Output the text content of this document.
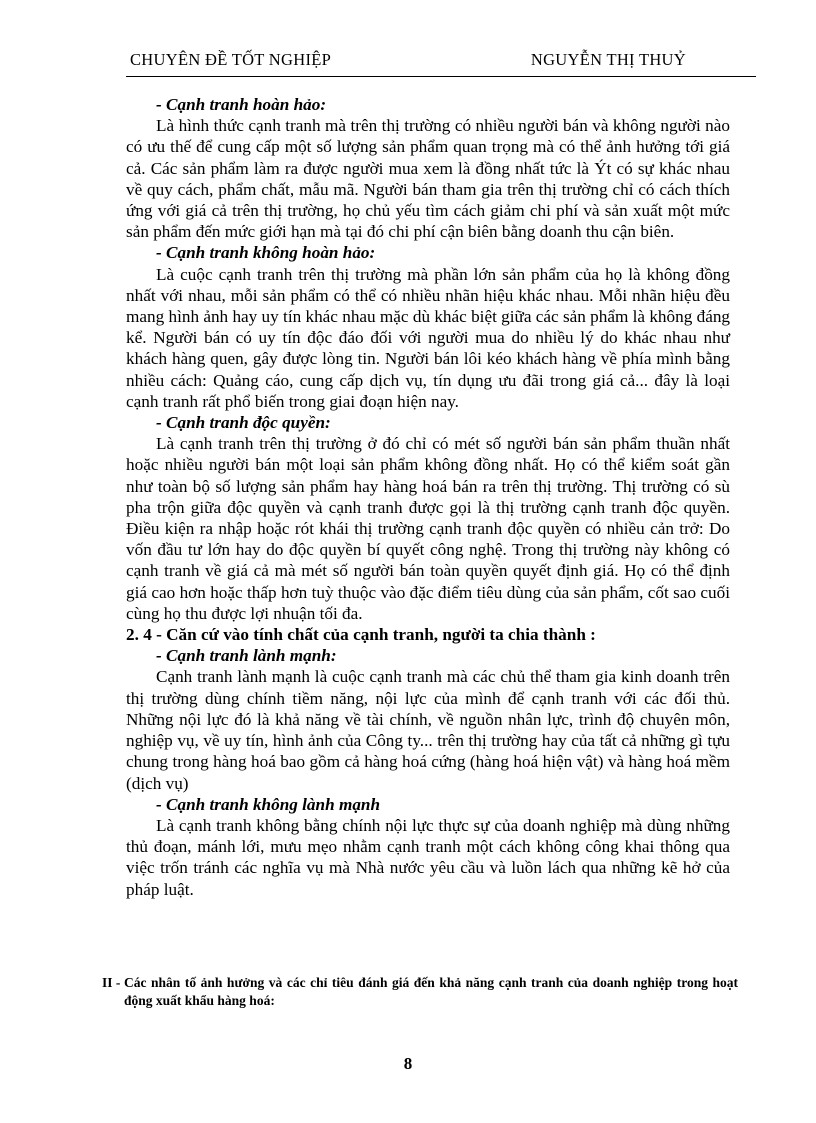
CHUYÊN ĐỀ TỐT NGHIỆP	NGUYỄN THỊ THUỶ

- Cạnh tranh hoàn hảo:

Là hình thức cạnh tranh mà trên thị trường có nhiều người bán và không người nào có ưu thế để cung cấp một số lượng sản phẩm quan trọng mà có thể ảnh hưởng tới giá cả. Các sản phẩm làm ra được người mua xem là đồng nhất tức là Ýt có sự khác nhau về quy cách, phẩm chất, mẫu mã. Người bán tham gia trên thị trường chỉ có cách thích ứng với giá cả trên thị trường, họ chủ yếu tìm cách giảm chi phí và sản xuất một mức sản phẩm đến mức giới hạn mà tại đó chi phí cận biên bằng doanh thu cận biên.

- Cạnh tranh không hoàn hảo:

Là cuộc cạnh tranh trên thị trường mà phần lớn sản phẩm của họ là không đồng nhất với nhau, mỗi sản phẩm có thể có nhiều nhãn hiệu khác nhau. Mỗi nhãn hiệu đều mang hình ảnh hay uy tín khác nhau mặc dù khác biệt giữa các sản phẩm là không đáng kể. Người bán có uy tín độc đáo đối với người mua do nhiều lý do khác nhau như khách hàng quen, gây được lòng tin. Người bán lôi kéo khách hàng về phía mình bằng nhiều cách: Quảng cáo, cung cấp dịch vụ, tín dụng ưu đãi trong giá cả... đây là loại cạnh tranh rất phổ biến trong giai đoạn hiện nay.

- Cạnh tranh độc quyền:

Là cạnh tranh trên thị trường ở đó chỉ có mét số người bán sản phẩm thuần nhất hoặc nhiều người bán một loại sản phẩm không đồng nhất. Họ có thể kiểm soát gần như toàn bộ số lượng sản phẩm hay hàng hoá bán ra trên thị trường. Thị trường có sù pha trộn giữa độc quyền và cạnh tranh được gọi là thị trường cạnh tranh độc quyền. Điều kiện ra nhập hoặc rót khái thị trường cạnh tranh độc quyền có nhiều cản trở: Do vốn đầu tư lớn hay do độc quyền bí quyết công nghệ. Trong thị trường này không có cạnh tranh về giá cả mà mét số người bán toàn quyền quyết định giá. Họ có thể định giá cao hơn hoặc thấp hơn tuỳ thuộc vào đặc điểm tiêu dùng của sản phẩm, cốt sao cuối cùng họ thu được lợi nhuận tối đa.

2. 4 - Căn cứ vào tính chất của cạnh tranh, người ta chia thành :

- Cạnh tranh lành mạnh:

Cạnh tranh lành mạnh là cuộc cạnh tranh mà các chủ thể tham gia kinh doanh trên thị trường dùng chính tiềm năng, nội lực của mình để cạnh tranh với các đối thủ. Những nội lực đó là khả năng về tài chính, về nguồn nhân lực, trình độ chuyên môn, nghiệp vụ, về uy tín, hình ảnh của Công ty... trên thị trường hay của tất cả những gì tựu chung trong hàng hoá bao gồm cả hàng hoá cứng (hàng hoá hiện vật) và hàng hoá mềm (dịch vụ)

- Cạnh tranh không lành mạnh

Là cạnh tranh không bằng chính nội lực thực sự của doanh nghiệp mà dùng những thủ đoạn, mánh lới, mưu mẹo nhằm cạnh tranh một cách không công khai thông qua việc trốn tránh các nghĩa vụ mà Nhà nước yêu cầu và luồn lách qua những kẽ hở của pháp luật.

II - Các nhân tố ảnh hưởng và các chỉ tiêu đánh giá đến khả năng cạnh tranh của doanh nghiệp trong hoạt động xuất khẩu hàng hoá:
8
